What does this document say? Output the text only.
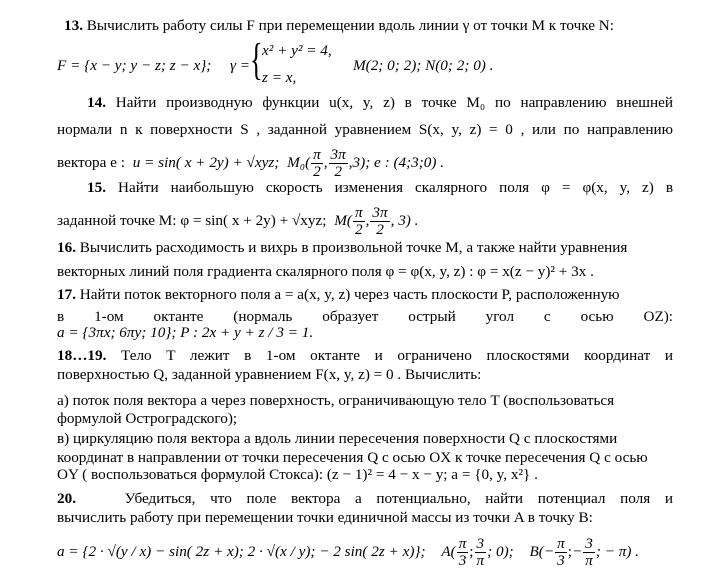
13. Вычислить работу силы F при перемещении вдоль линии γ от точки М к точке N:
F = {x − y; y − z; z − x}; γ = { x² + y² = 4,
z = x,
M(2; 0; 2); N(0; 2; 0) .
14. Найти производную функции u(x, y, z) в точке M₀ по направлению внешней
нормали n к поверхности S , заданной уравнением S(x, y, z) = 0 , или по направлению
вектора e : u = sin( x + 2y) + √xyz; $M_0( \frac{\pi}{2}$ , $\frac{3\pi}{2} ,3$); e : (4;3;0) .
15. Найти наибольшую скорость изменения скалярного поля φ = φ(x, y, z) в
заданной точке М: φ = sin( x + 2y) + √xyz; $M( \frac{\pi}{2}$ , $\frac{3\pi}{2}$ , 3) .
16. Вычислить расходимость и вихрь в произвольной точке М, а также найти уравнения
векторных линий поля градиента скалярного поля φ = φ(x, y, z) : φ = x(z − y)² + 3x .
17. Найти поток векторного поля a = a(x, y, z) через часть плоскости P, расположенную
в 1-ом октанте (нормаль образует острый угол с осью OZ):
a = {3πx; 6πy; 10}; P : 2x + y + z / 3 = 1.
18…19. Тело T лежит в 1-ом октанте и ограничено плоскостями координат и
поверхностью Q, заданной уравнением F(x, y, z) = 0 . Вычислить:
а) поток поля вектора a через поверхность, ограничивающую тело T (воспользоваться
формулой Остроградского);
в) циркуляцию поля вектора a вдоль линии пересечения поверхности Q с плоскостями
координат в направлении от точки пересечения Q с осью OX к точке пересечения Q с осью
OY ( воспользоваться формулой Стокса): (z − 1)² = 4 − x − y; a = {0, y, x²} .
20.	Убедиться, что поле вектора a потенциально, найти потенциал поля и
вычислить работу при перемещении точки единичной массы из точки A в точку B:
a = {2 · √(y / x) − sin( 2z + x); 2 · √(x / y); − 2 sin( 2z + x)}; $A( \frac{\pi}{3}$ ; $\frac{3}{\pi}$ ; 0); $B(- \frac{\pi}{3}$ ;− $\frac{3}{\pi}$ ; − π) .
